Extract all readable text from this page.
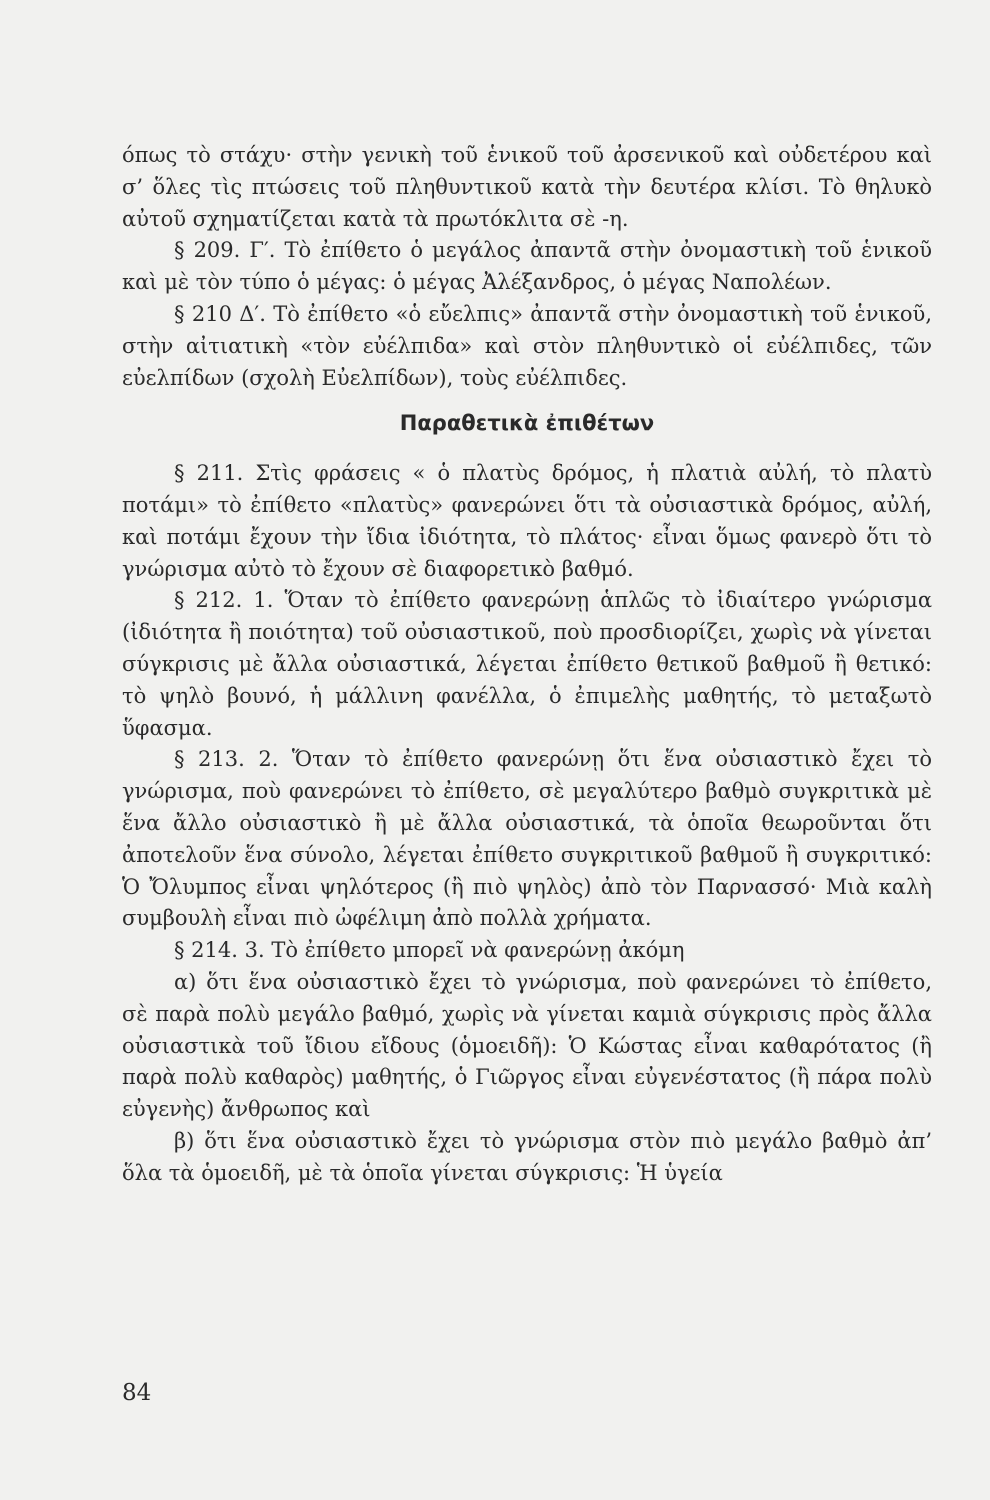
όπως τὸ στάχυ· στὴν γενικὴ τοῦ ἑνικοῦ τοῦ ἀρσενικοῦ καὶ οὐδετέρου καὶ σ’ ὅλες τὶς πτώσεις τοῦ πληθυντικοῦ κατὰ τὴν δευτέρα κλίσι. Τὸ θηλυκὸ αὐτοῦ σχηματίζεται κατὰ τὰ πρωτόκλιτα σὲ -η.

§ 209. Γ′. Τὸ ἐπίθετο ὁ μεγάλος ἀπαντᾶ στὴν ὀνομαστικὴ τοῦ ἑνικοῦ καὶ μὲ τὸν τύπο ὁ μέγας: ὁ μέγας Ἀλέξανδρος, ὁ μέγας Ναπολέων.

§ 210 Δ′. Τὸ ἐπίθετο «ὁ εὔελπις» ἀπαντᾶ στὴν ὀνομαστικὴ τοῦ ἑνικοῦ, στὴν αἰτιατικὴ «τὸν εὐέλπιδα» καὶ στὸν πληθυντικὸ οἱ εὐέλπιδες, τῶν εὐελπίδων (σχολὴ Εὐελπίδων), τοὺς εὐέλπιδες.

Παραθετικὰ ἐπιθέτων

§ 211. Στὶς φράσεις « ὁ πλατὺς δρόμος, ἡ πλατιὰ αὐλή, τὸ πλατὺ ποτάμι» τὸ ἐπίθετο «πλατὺς» φανερώνει ὅτι τὰ οὐσιαστικὰ δρόμος, αὐλή, καὶ ποτάμι ἔχουν τὴν ἴδια ἰδιότητα, τὸ πλάτος· εἶναι ὅμως φανερὸ ὅτι τὸ γνώρισμα αὐτὸ τὸ ἔχουν σὲ διαφορετικὸ βαθμό.

§ 212. 1. Ὅταν τὸ ἐπίθετο φανερώνῃ ἁπλῶς τὸ ἰδιαίτερο γνώρισμα (ἰδιότητα ἢ ποιότητα) τοῦ οὐσιαστικοῦ, ποὺ προσδιορίζει, χωρὶς νὰ γίνεται σύγκρισις μὲ ἄλλα οὐσιαστικά, λέγεται ἐπίθετο θετικοῦ βαθμοῦ ἢ θετικό: τὸ ψηλὸ βουνό, ἡ μάλλινη φανέλλα, ὁ ἐπιμελὴς μαθητής, τὸ μεταξωτὸ ὕφασμα.

§ 213. 2. Ὅταν τὸ ἐπίθετο φανερώνῃ ὅτι ἕνα οὐσιαστικὸ ἔχει τὸ γνώρισμα, ποὺ φανερώνει τὸ ἐπίθετο, σὲ μεγαλύτερο βαθμὸ συγκριτικὰ μὲ ἕνα ἄλλο οὐσιαστικὸ ἢ μὲ ἄλλα οὐσιαστικά, τὰ ὁποῖα θεωροῦνται ὅτι ἀποτελοῦν ἕνα σύνολο, λέγεται ἐπίθετο συγκριτικοῦ βαθμοῦ ἢ συγκριτικό: Ὁ Ὄλυμπος εἶναι ψηλότερος (ἢ πιὸ ψηλὸς) ἀπὸ τὸν Παρνασσό· Μιὰ καλὴ συμβουλὴ εἶναι πιὸ ὠφέλιμη ἀπὸ πολλὰ χρήματα.

§ 214. 3. Τὸ ἐπίθετο μπορεῖ νὰ φανερώνῃ ἀκόμη

α) ὅτι ἕνα οὐσιαστικὸ ἔχει τὸ γνώρισμα, ποὺ φανερώνει τὸ ἐπίθετο, σὲ παρὰ πολὺ μεγάλο βαθμό, χωρὶς νὰ γίνεται καμιὰ σύγκρισις πρὸς ἄλλα οὐσιαστικὰ τοῦ ἴδιου εἴδους (ὁμοειδῆ): Ὁ Κώστας εἶναι καθαρότατος (ἢ παρὰ πολὺ καθαρὸς) μαθητής, ὁ Γιῶργος εἶναι εὐγενέστατος (ἢ πάρα πολὺ εὐγενὴς) ἄνθρωπος καὶ

β) ὅτι ἕνα οὐσιαστικὸ ἔχει τὸ γνώρισμα στὸν πιὸ μεγάλο βαθμὸ ἀπ’ ὅλα τὰ ὁμοειδῆ, μὲ τὰ ὁποῖα γίνεται σύγκρισις: Ἡ ὑγεία

84
